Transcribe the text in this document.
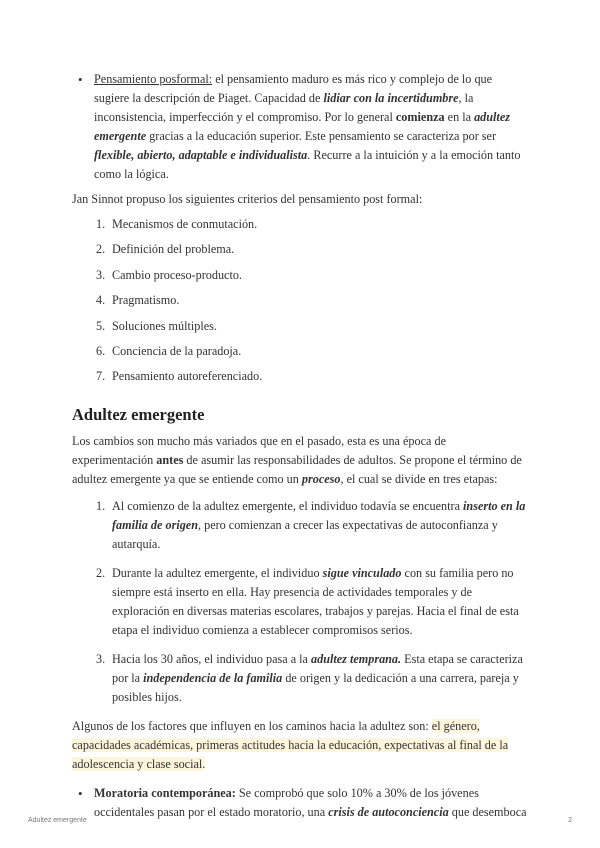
• Pensamiento posformal: el pensamiento maduro es más rico y complejo de lo que sugiere la descripción de Piaget. Capacidad de lidiar con la incertidumbre, la inconsistencia, imperfección y el compromiso. Por lo general comienza en la adultez emergente gracias a la educación superior. Este pensamiento se caracteriza por ser flexible, abierto, adaptable e individualista. Recurre a la intuición y a la emoción tanto como la lógica.

Jan Sinnot propuso los siguientes criterios del pensamiento post formal:

1. Mecanismos de conmutación.
2. Definición del problema.
3. Cambio proceso-producto.
4. Pragmatismo.
5. Soluciones múltiples.
6. Conciencia de la paradoja.
7. Pensamiento autoreferenciado.
Adultez emergente

Los cambios son mucho más variados que en el pasado, esta es una época de experimentación antes de asumir las responsabilidades de adultos. Se propone el término de adultez emergente ya que se entiende como un proceso, el cual se divide en tres etapas:

1. Al comienzo de la adultez emergente, el individuo todavía se encuentra inserto en la familia de origen, pero comienzan a crecer las expectativas de autoconfianza y autarquía.
2. Durante la adultez emergente, el individuo sigue vinculado con su familia pero no siempre está inserto en ella. Hay presencia de actividades temporales y de exploración en diversas materias escolares, trabajos y parejas. Hacia el final de esta etapa el individuo comienza a establecer compromisos serios.
3. Hacia los 30 años, el individuo pasa a la adultez temprana. Esta etapa se caracteriza por la independencia de la familia de origen y la dedicación a una carrera, pareja y posibles hijos.

Algunos de los factores que influyen en los caminos hacia la adultez son: el género, capacidades académicas, primeras actitudes hacia la educación, expectativas al final de la adolescencia y clase social.

• Moratoria contemporánea: Se comprobó que solo 10% a 30% de los jóvenes occidentales pasan por el estado moratorio, una crisis de autoconciencia que desemboca
Adultez emergente	2
